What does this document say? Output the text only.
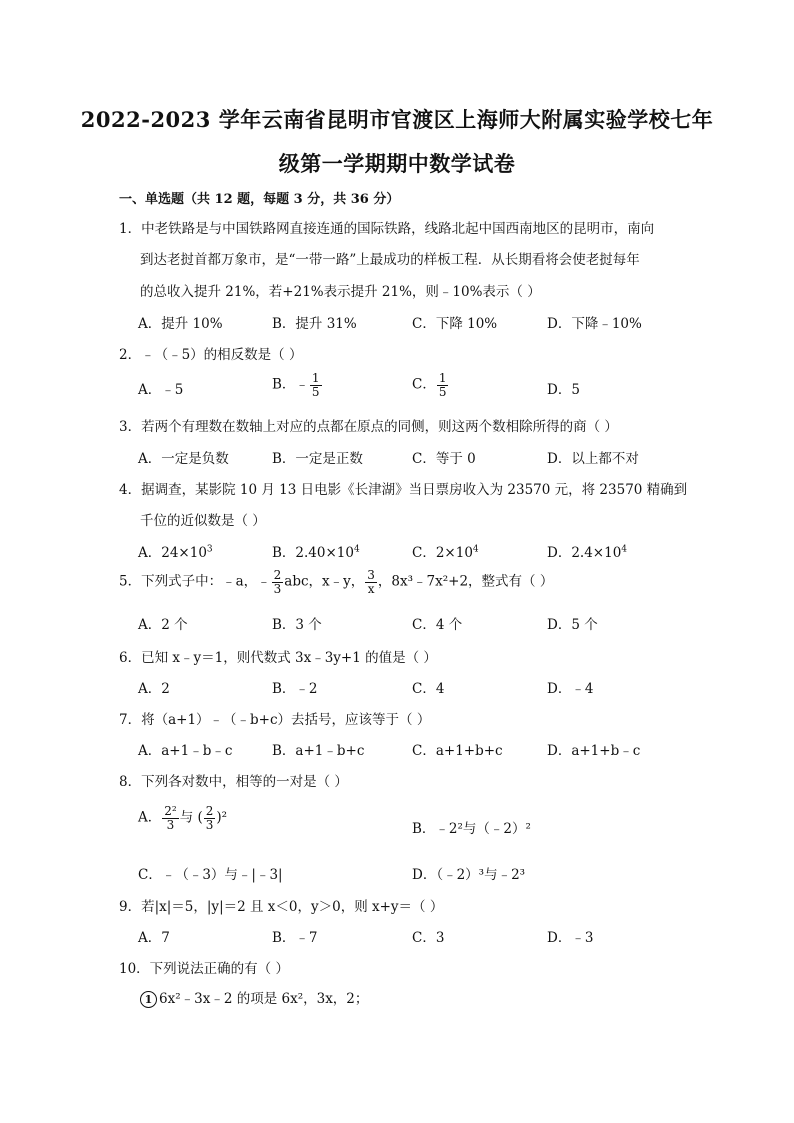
2022-2023 学年云南省昆明市官渡区上海师大附属实验学校七年
级第一学期期中数学试卷
一、单选题（共 12 题，每题 3 分，共 36 分）
1．中老铁路是与中国铁路网直接连通的国际铁路，线路北起中国西南地区的昆明市，南向
到达老挝首都万象市，是“一带一路”上最成功的样板工程．从长期看将会使老挝每年
的总收入提升 21%，若+21%表示提升 21%，则﹣10%表示（ ）
A．提升 10%	B．提升 31%	C．下降 10%	D．下降﹣10%
2．﹣（﹣5）的相反数是（ ）
A．﹣5	B．﹣ $\frac{1}{5}$	C． $\frac{1}{5}$	D．5
3．若两个有理数在数轴上对应的点都在原点的同侧，则这两个数相除所得的商（ ）
A．一定是负数	B．一定是正数	C．等于 0	D．以上都不对
4．据调查，某影院 10 月 13 日电影《长津湖》当日票房收入为 23570 元，将 23570 精确到
千位的近似数是（ ）
A．$24\times 10^3$	B．$2.40\times 10^4$	C．$2\times 10^4$	D．$2.4\times 10^4$
5．下列式子中：﹣a，﹣ $\frac{2}{3}$ abc，x﹣y， $\frac{3}{x}$ ，8x³﹣7x²+2，整式有（ ）
A．2 个	B．3 个	C．4 个	D．5 个
6．已知 x﹣y＝1，则代数式 3x﹣3y+1 的值是（ ）
A．2	B．﹣2	C．4	D．﹣4
7．将（a+1）﹣（﹣b+c）去括号，应该等于（ ）
A．a+1﹣b﹣c	B．a+1﹣b+c	C．a+1+b+c	D．a+1+b﹣c
8．下列各对数中，相等的一对是（ ）
A． $\frac{\text{2²}}{3}$ 与 ( $\frac{2}{3} )^2$
B．﹣2²与（﹣2）²
C．﹣（﹣3）与﹣|﹣3|	D．（﹣2）³与﹣2³
9．若|x|＝5，|y|＝2 且 x＜0，y＞0，则 x+y＝（ ）
A．7	B．﹣7	C．3	D．﹣3
10．下列说法正确的有（ ）
1 6x²﹣3x﹣2 的项是 6x²，3x，2；
